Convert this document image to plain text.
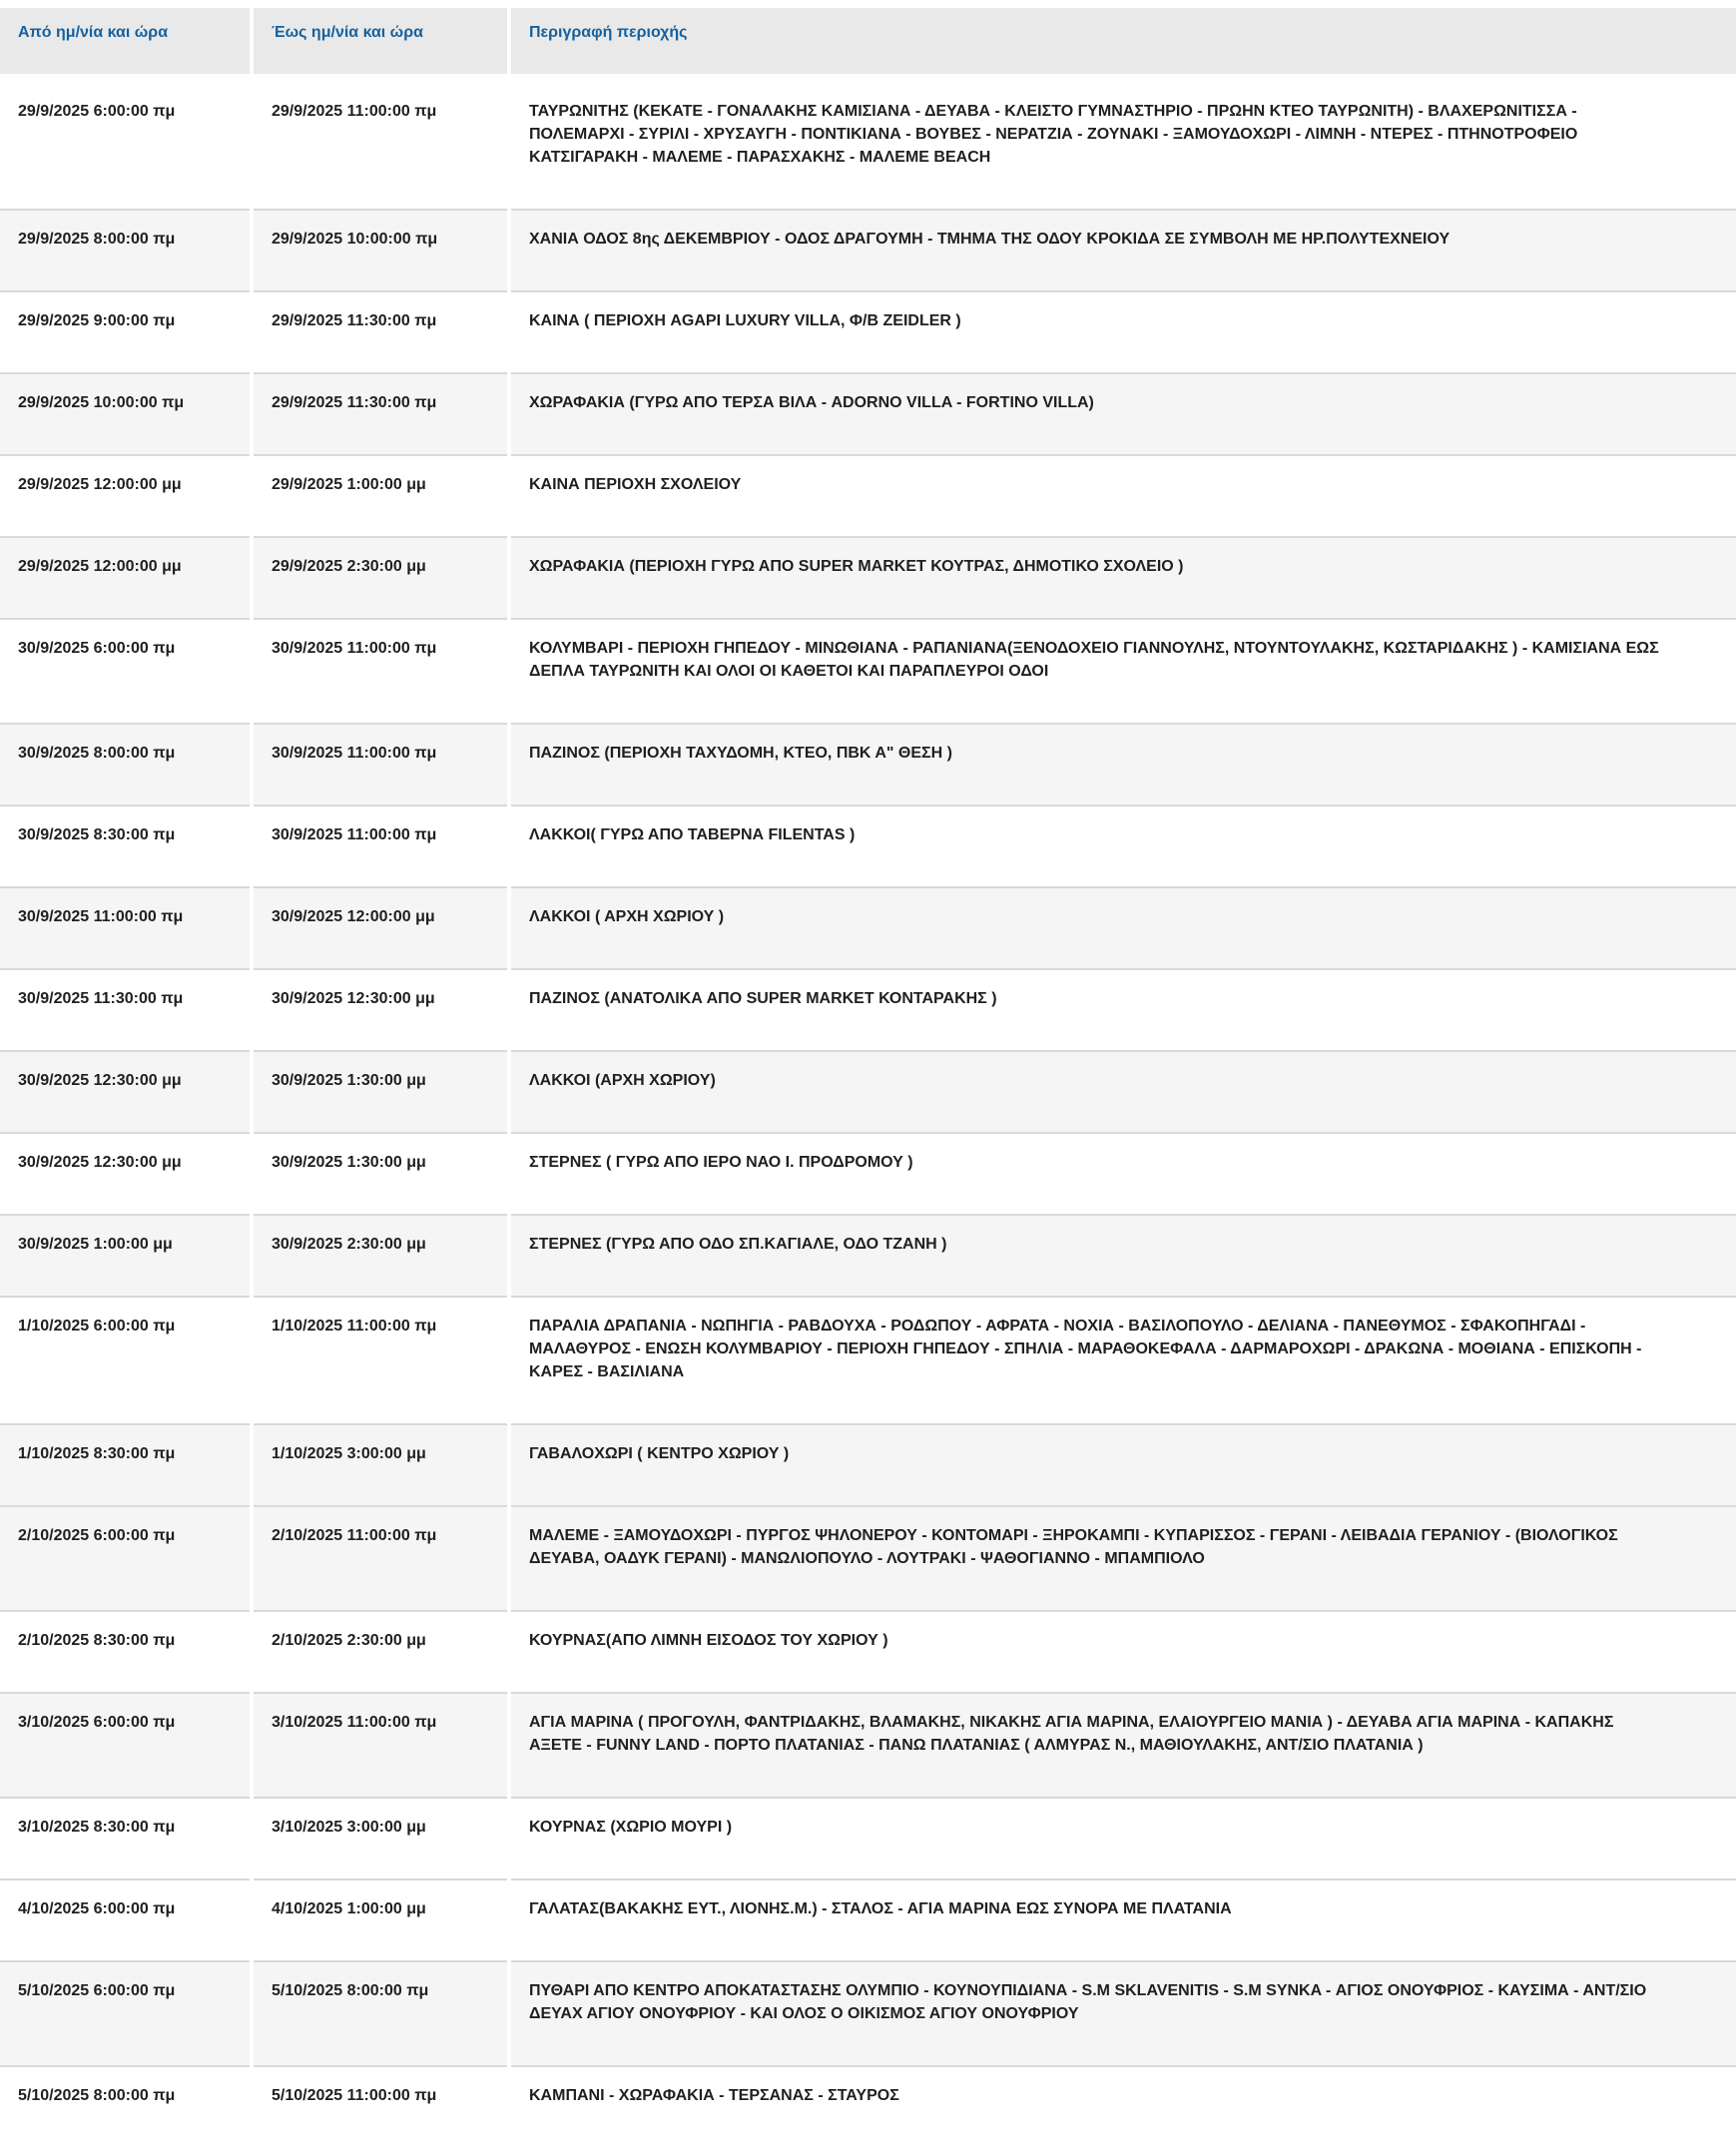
Από ημ/νία και ώρα	Έως ημ/νία και ώρα	Περιγραφή περιοχής
29/9/2025 6:00:00 πμ	29/9/2025 11:00:00 πμ	ΤΑΥΡΩΝΙΤΗΣ (ΚΕΚΑΤΕ - ΓΟΝΑΛΑΚΗΣ ΚΑΜΙΣΙΑΝΑ - ΔΕΥΑΒΑ - ΚΛΕΙΣΤΟ ΓΥΜΝΑΣΤΗΡΙΟ - ΠΡΩΗΝ ΚΤΕΟ ΤΑΥΡΩΝΙΤΗ) - ΒΛΑΧΕΡΩΝΙΤΙΣΣΑ - ΠΟΛΕΜΑΡΧΙ - ΣΥΡΙΛΙ - ΧΡΥΣΑΥΓΗ - ΠΟΝΤΙΚΙΑΝΑ - ΒΟΥΒΕΣ - ΝΕΡΑΤΖΙΑ - ΖΟΥΝΑΚΙ - ΞΑΜΟΥΔΟΧΩΡΙ - ΛΙΜΝΗ - ΝΤΕΡΕΣ - ΠΤΗΝΟΤΡΟΦΕΙΟ ΚΑΤΣΙΓΑΡΑΚΗ - ΜΑΛΕΜΕ - ΠΑΡΑΣΧΑΚΗΣ - ΜΑΛΕΜΕ BEACH
29/9/2025 8:00:00 πμ	29/9/2025 10:00:00 πμ	ΧΑΝΙΑ ΟΔΟΣ 8ης ΔΕΚΕΜΒΡΙΟΥ - ΟΔΟΣ ΔΡΑΓΟΥΜΗ - ΤΜΗΜΑ ΤΗΣ ΟΔΟΥ ΚΡΟΚΙΔΑ ΣΕ ΣΥΜΒΟΛΗ ΜΕ ΗΡ.ΠΟΛΥΤΕΧΝΕΙΟΥ
29/9/2025 9:00:00 πμ	29/9/2025 11:30:00 πμ	ΚΑΙΝΑ ( ΠΕΡΙΟΧΗ AGAPI LUXURY VILLA, Φ/Β ZEIDLER )
29/9/2025 10:00:00 πμ	29/9/2025 11:30:00 πμ	ΧΩΡΑΦΑΚΙΑ (ΓΥΡΩ ΑΠΟ ΤΕΡΣΑ ΒΙΛΑ - ADORNO VILLA - FORTINO VILLA)
29/9/2025 12:00:00 μμ	29/9/2025 1:00:00 μμ	ΚΑΙΝΑ ΠΕΡΙΟΧΗ ΣΧΟΛΕΙΟΥ
29/9/2025 12:00:00 μμ	29/9/2025 2:30:00 μμ	ΧΩΡΑΦΑΚΙΑ (ΠΕΡΙΟΧΗ ΓΥΡΩ ΑΠΟ SUPER MARKET ΚΟΥΤΡΑΣ, ΔΗΜΟΤΙΚΟ ΣΧΟΛΕΙΟ )
30/9/2025 6:00:00 πμ	30/9/2025 11:00:00 πμ	ΚΟΛΥΜΒΑΡΙ - ΠΕΡΙΟΧΗ ΓΗΠΕΔΟΥ - ΜΙΝΩΘΙΑΝΑ - ΡΑΠΑΝΙΑΝΑ(ΞΕΝΟΔΟΧΕΙΟ ΓΙΑΝΝΟΥΛΗΣ, ΝΤΟΥΝΤΟΥΛΑΚΗΣ, ΚΩΣΤΑΡΙΔΑΚΗΣ ) - ΚΑΜΙΣΙΑΝΑ ΕΩΣ ΔΕΠΛΑ ΤΑΥΡΩΝΙΤΗ ΚΑΙ ΟΛΟΙ ΟΙ ΚΑΘΕΤΟΙ ΚΑΙ ΠΑΡΑΠΛΕΥΡΟΙ ΟΔΟΙ
30/9/2025 8:00:00 πμ	30/9/2025 11:00:00 πμ	ΠΑΖΙΝΟΣ (ΠΕΡΙΟΧΗ ΤΑΧΥΔΟΜΗ, ΚΤΕΟ, ΠΒΚ Α" ΘΕΣΗ )
30/9/2025 8:30:00 πμ	30/9/2025 11:00:00 πμ	ΛΑΚΚΟΙ( ΓΥΡΩ ΑΠΟ ΤΑΒΕΡΝΑ FILENTAS )
30/9/2025 11:00:00 πμ	30/9/2025 12:00:00 μμ	ΛΑΚΚΟΙ ( ΑΡΧΗ ΧΩΡΙΟΥ )
30/9/2025 11:30:00 πμ	30/9/2025 12:30:00 μμ	ΠΑΖΙΝΟΣ (ΑΝΑΤΟΛΙΚΑ ΑΠΟ SUPER MARKET ΚΟΝΤΑΡΑΚΗΣ )
30/9/2025 12:30:00 μμ	30/9/2025 1:30:00 μμ	ΛΑΚΚΟΙ (ΑΡΧΗ ΧΩΡΙΟΥ)
30/9/2025 12:30:00 μμ	30/9/2025 1:30:00 μμ	ΣΤΕΡΝΕΣ ( ΓΥΡΩ ΑΠΟ ΙΕΡΟ ΝΑΟ Ι. ΠΡΟΔΡΟΜΟΥ )
30/9/2025 1:00:00 μμ	30/9/2025 2:30:00 μμ	ΣΤΕΡΝΕΣ (ΓΥΡΩ ΑΠΟ ΟΔΟ ΣΠ.ΚΑΓΙΑΛΕ, ΟΔΟ ΤΖΑΝΗ )
1/10/2025 6:00:00 πμ	1/10/2025 11:00:00 πμ	ΠΑΡΑΛΙΑ ΔΡΑΠΑΝΙΑ - ΝΩΠΗΓΙΑ - ΡΑΒΔΟΥΧΑ - ΡΟΔΩΠΟΥ - ΑΦΡΑΤΑ - ΝΟΧΙΑ - ΒΑΣΙΛΟΠΟΥΛΟ - ΔΕΛΙΑΝΑ - ΠΑΝΕΘΥΜΟΣ - ΣΦΑΚΟΠΗΓΑΔΙ - ΜΑΛΑΘΥΡΟΣ - ΕΝΩΣΗ ΚΟΛΥΜΒΑΡΙΟΥ - ΠΕΡΙΟΧΗ ΓΗΠΕΔΟΥ - ΣΠΗΛΙΑ - ΜΑΡΑΘΟΚΕΦΑΛΑ - ΔΑΡΜΑΡΟΧΩΡΙ - ΔΡΑΚΩΝΑ - ΜΟΘΙΑΝΑ - ΕΠΙΣΚΟΠΗ - ΚΑΡΕΣ - ΒΑΣΙΛΙΑΝΑ
1/10/2025 8:30:00 πμ	1/10/2025 3:00:00 μμ	ΓΑΒΑΛΟΧΩΡΙ ( ΚΕΝΤΡΟ ΧΩΡΙΟΥ )
2/10/2025 6:00:00 πμ	2/10/2025 11:00:00 πμ	ΜΑΛΕΜΕ - ΞΑΜΟΥΔΟΧΩΡΙ - ΠΥΡΓΟΣ ΨΗΛΟΝΕΡΟΥ - ΚΟΝΤΟΜΑΡΙ - ΞΗΡΟΚΑΜΠΙ - ΚΥΠΑΡΙΣΣΟΣ - ΓΕΡΑΝΙ - ΛΕΙΒΑΔΙΑ ΓΕΡΑΝΙΟΥ - (ΒΙΟΛΟΓΙΚΟΣ ΔΕΥΑΒΑ, ΟΑΔΥΚ ΓΕΡΑΝΙ) - ΜΑΝΩΛΙΟΠΟΥΛΟ - ΛΟΥΤΡΑΚΙ - ΨΑΘΟΓΙΑΝΝΟ - ΜΠΑΜΠΙΟΛΟ
2/10/2025 8:30:00 πμ	2/10/2025 2:30:00 μμ	ΚΟΥΡΝΑΣ(ΑΠΟ ΛΙΜΝΗ ΕΙΣΟΔΟΣ ΤΟΥ ΧΩΡΙΟΥ )
3/10/2025 6:00:00 πμ	3/10/2025 11:00:00 πμ	ΑΓΙΑ ΜΑΡΙΝΑ ( ΠΡΟΓΟΥΛΗ, ΦΑΝΤΡΙΔΑΚΗΣ, ΒΛΑΜΑΚΗΣ, ΝΙΚΑΚΗΣ ΑΓΙΑ ΜΑΡΙΝΑ, ΕΛΑΙΟΥΡΓΕΙΟ ΜΑΝΙΑ ) - ΔΕΥΑΒΑ ΑΓΙΑ ΜΑΡΙΝΑ - ΚΑΠΑΚΗΣ ΑΞΕΤΕ - FUNNY LAND - ΠΟΡΤΟ ΠΛΑΤΑΝΙΑΣ - ΠΑΝΩ ΠΛΑΤΑΝΙΑΣ ( ΑΛΜΥΡΑΣ Ν., ΜΑΘΙΟΥΛΑΚΗΣ, ΑΝΤ/ΣΙΟ ΠΛΑΤΑΝΙΑ )
3/10/2025 8:30:00 πμ	3/10/2025 3:00:00 μμ	ΚΟΥΡΝΑΣ (ΧΩΡΙΟ ΜΟΥΡΙ )
4/10/2025 6:00:00 πμ	4/10/2025 1:00:00 μμ	ΓΑΛΑΤΑΣ(ΒΑΚΑΚΗΣ ΕΥΤ., ΛΙΟΝΗΣ.Μ.) - ΣΤΑΛΟΣ - ΑΓΙΑ ΜΑΡΙΝΑ ΕΩΣ ΣΥΝΟΡΑ ΜΕ ΠΛΑΤΑΝΙΑ
5/10/2025 6:00:00 πμ	5/10/2025 8:00:00 πμ	ΠΥΘΑΡΙ ΑΠΟ ΚΕΝΤΡΟ ΑΠΟΚΑΤΑΣΤΑΣΗΣ ΟΛΥΜΠΙΟ - ΚΟΥΝΟΥΠΙΔΙΑΝΑ - S.M SKLAVENITIS - S.M SYNKA - ΑΓΙΟΣ ΟΝΟΥΦΡΙΟΣ - ΚΑΥΣΙΜΑ - ΑΝΤ/ΣΙΟ ΔΕΥΑΧ ΑΓΙΟΥ ΟΝΟΥΦΡΙΟΥ - ΚΑΙ ΟΛΟΣ Ο ΟΙΚΙΣΜΟΣ ΑΓΙΟΥ ΟΝΟΥΦΡΙΟΥ
5/10/2025 8:00:00 πμ	5/10/2025 11:00:00 πμ	ΚΑΜΠΑΝΙ - ΧΩΡΑΦΑΚΙΑ - ΤΕΡΣΑΝΑΣ - ΣΤΑΥΡΟΣ
